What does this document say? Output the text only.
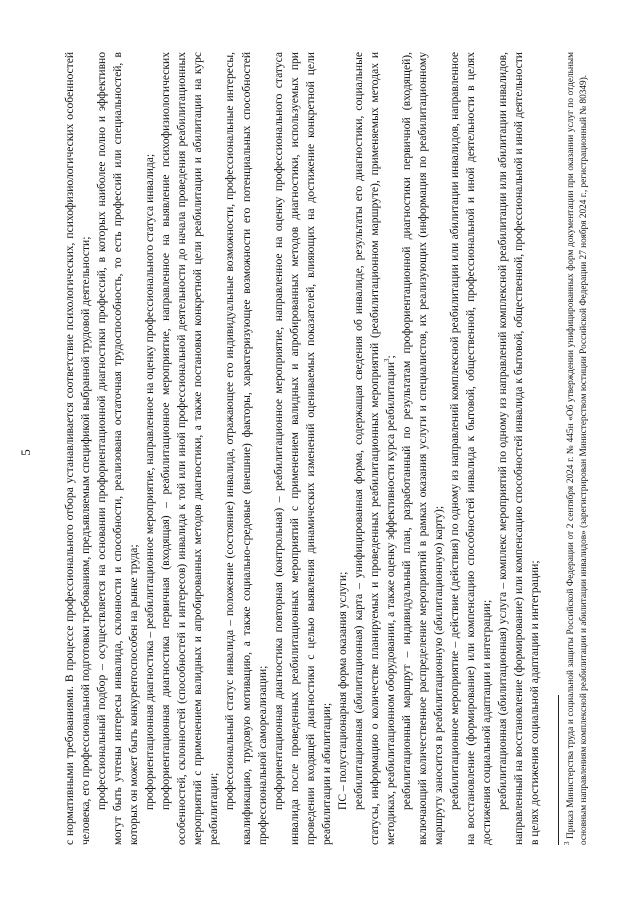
5	с нормативными требованиями. В процессе профессионального отбора устанавливается соответствие психологических, психофизиологических особенностей человека, его профессиональной подготовки требованиям, предъявляемым спецификой выбранной трудовой деятельности; профессиональный подбор – осуществляется на основании профориентационной диагностики профессий, в которых наиболее полно и эффективно могут быть учтены интересы инвалида, склонности и способности, реализована остаточная трудоспособность, то есть профессий или специальностей, в которых он может быть конкурентоспособен на рынке труда; профориентационная диагностика – реабилитационное мероприятие, направленное на оценку профессионального статуса инвалида; профориентационная диагностика первичная (входящая) – реабилитационное мероприятие, направленное на выявление психофизиологических особенностей, склонностей (способностей и интересов) инвалида к той или иной профессиональной деятельности до начала проведения реабилитационных мероприятий с применением валидных и апробированных методов диагностики, а также постановки конкретной цели реабилитации и абилитации на курс реабилитации; профессиональный статус инвалида – положение (состояние) инвалида, отражающее его индивидуальные возможности, профессиональные интересы, квалификацию, трудовую мотивацию, а также социально-средовые (внешние) факторы, характеризующее возможности его потенциальных способностей профессиональной самореализации; профориентационная диагностика повторная (контрольная) – реабилитационное мероприятие, направленное на оценку профессионального статуса инвалида после проведенных реабилитационных мероприятий с применением валидных и апробированных методов диагностики, используемых при проведении входящей диагностики с целью выявления динамических изменений оцениваемых показателей, влияющих на достижение конкретной цели реабилитации и абилитации; ПС – полустационарная форма оказания услуги; реабилитационная (абилитационная) карта – унифицированная форма, содержащая сведения об инвалиде, результаты его диагностики, социальные статусы, информацию о количестве планируемых и проведенных реабилитационных мероприятий (реабилитационном маршруте), применяемых методах и методиках, реабилитационном оборудовании, а также оценку эффективности курса реабилитации$^3$; реабилитационный маршрут – индивидуальный план, разработанный по результатам профориентационной диагностики первичной (входящей), включающий количественное распределение мероприятий в рамках оказания услуги и специалистов, их реализующих (информация по реабилитационному маршруту заносится в реабилитационную (абилитационную) карту); реабилитационное мероприятие – действие (действия) по одному из направлений комплексной реабилитации или абилитации инвалидов, направленное на восстановление (формирование) или компенсацию способностей инвалида к бытовой, общественной, профессиональной и иной деятельности в целях достижения социальной адаптации и интеграции; реабилитационная (абилитационная) услуга – комплекс мероприятий по одному из направлений комплексной реабилитации или абилитации инвалидов, направленный на восстановление (формирование) или компенсацию способностей инвалида к бытовой, общественной, профессиональной и иной деятельности в целях достижения социальной адаптации и интеграции;	$^3$ Приказ Министерства труда и социальной защиты Российской Федерации от 2 сентября 2024 г. № 445н «Об утверждении унифицированных форм документации при оказании услуг по отдельным основным направлениям комплексной реабилитации и абилитации инвалидов» (зарегистрирован Министерством юстиции Российской Федерации 27 ноября 2024 г., регистрационный № 80349).
